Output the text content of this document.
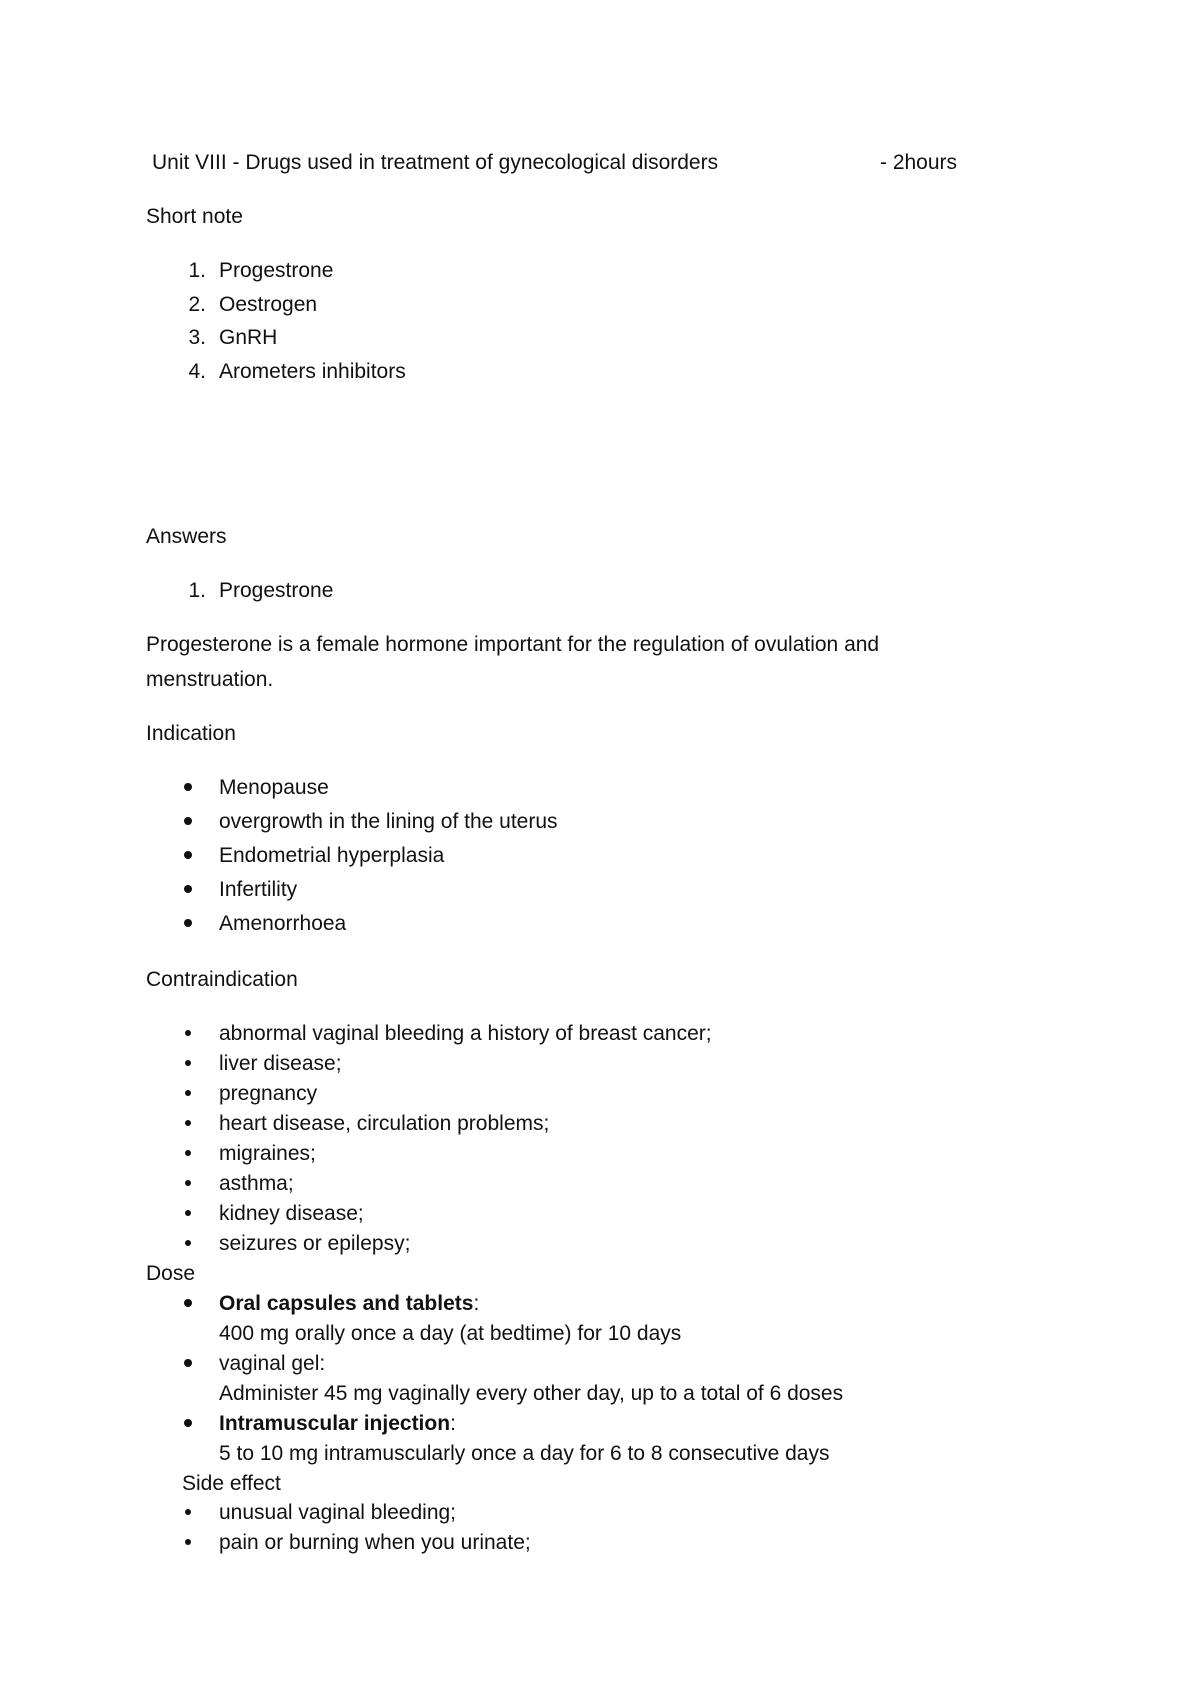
Unit VIII - Drugs used in treatment of gynecological disorders	- 2hours
Short note
1. Progestrone
2. Oestrogen
3. GnRH
4. Arometers inhibitors
Answers
1. Progestrone
Progesterone is a female hormone important for the regulation of ovulation and
menstruation.
Indication
Menopause
overgrowth in the lining of the uterus
Endometrial hyperplasia
Infertility
Amenorrhoea
Contraindication
abnormal vaginal bleeding a history of breast cancer;
liver disease;
pregnancy
heart disease, circulation problems;
migraines;
asthma;
kidney disease;
seizures or epilepsy;
Dose
Oral capsules and tablets:
400 mg orally once a day (at bedtime) for 10 days
vaginal gel:
Administer 45 mg vaginally every other day, up to a total of 6 doses
Intramuscular injection:
5 to 10 mg intramuscularly once a day for 6 to 8 consecutive days
Side effect
unusual vaginal bleeding;
pain or burning when you urinate;
